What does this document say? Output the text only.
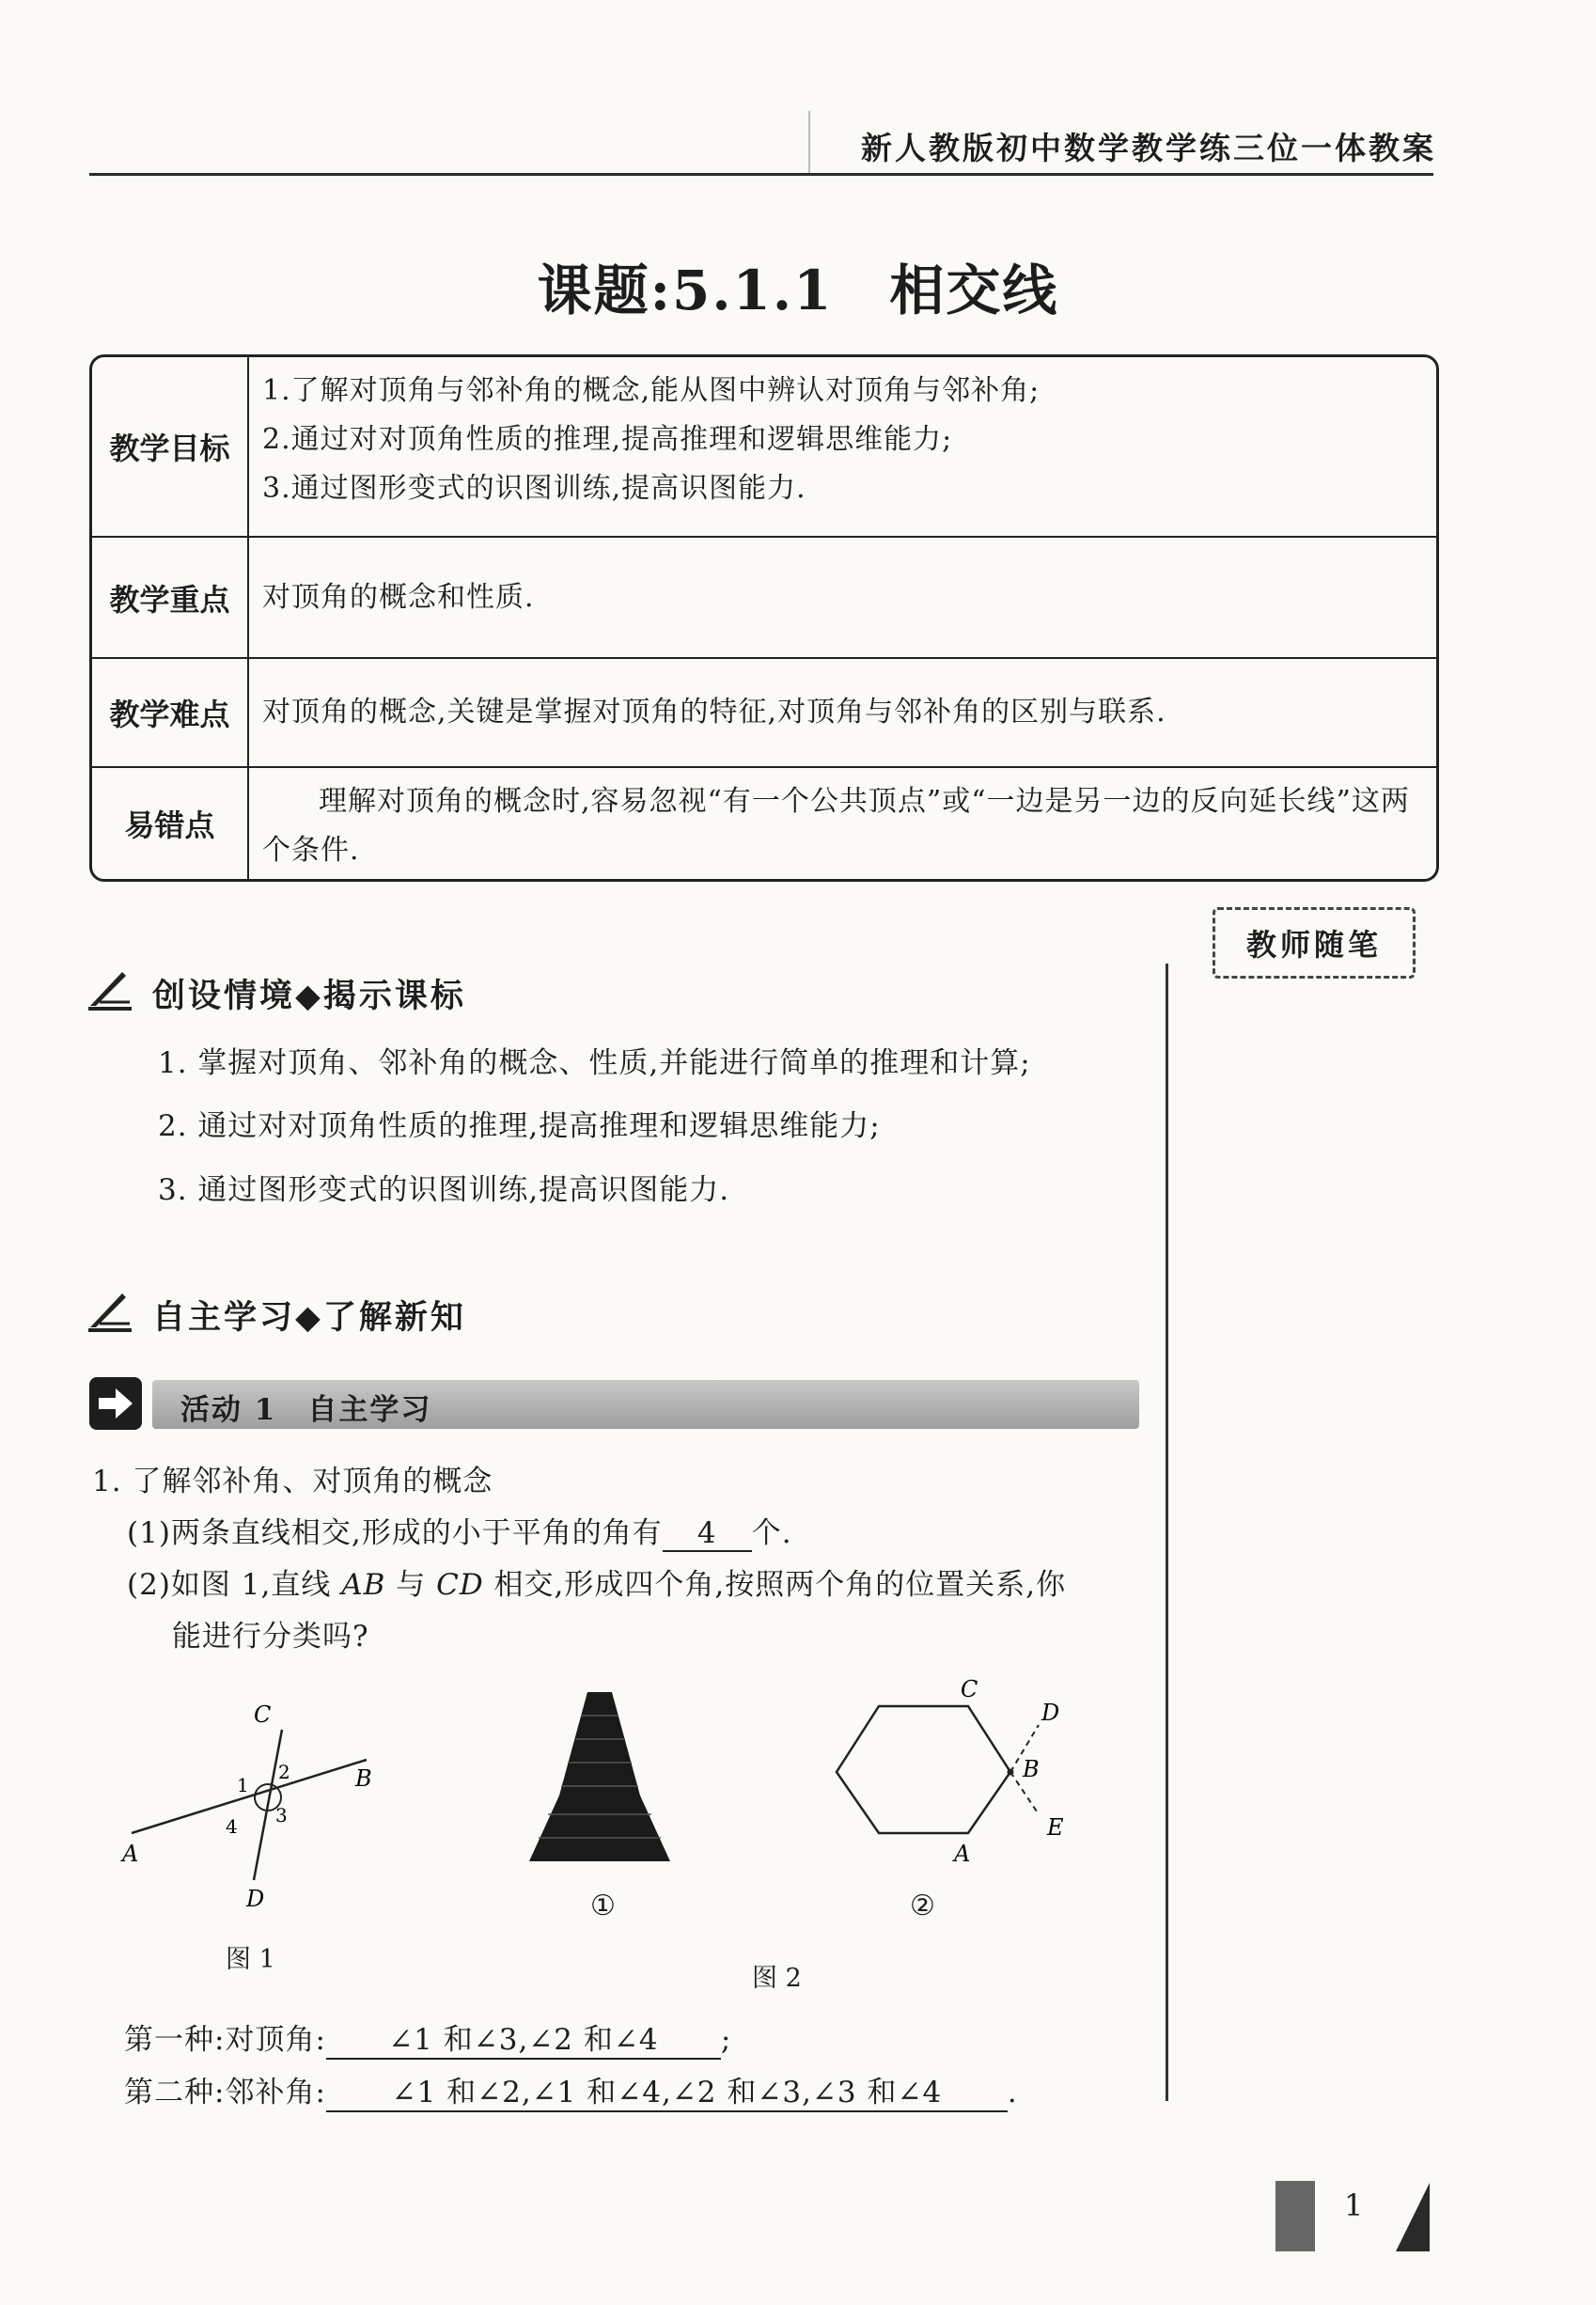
新人教版初中数学教学练三位一体教案
课题:5.1.1　相交线
教学目标
1.了解对顶角与邻补角的概念,能从图中辨认对顶角与邻补角;
2.通过对对顶角性质的推理,提高推理和逻辑思维能力;
3.通过图形变式的识图训练,提高识图能力.
教学重点	对顶角的概念和性质.
教学难点	对顶角的概念,关键是掌握对顶角的特征,对顶角与邻补角的区别与联系.
易错点
理解对顶角的概念时,容易忽视“有一个公共顶点”或“一边是另一边的反向延长线”这两个条件.
教师随笔
创设情境◆揭示课标
1. 掌握对顶角、邻补角的概念、性质,并能进行简单的推理和计算;
2. 通过对对顶角性质的推理,提高推理和逻辑思维能力;
3. 通过图形变式的识图训练,提高识图能力.
自主学习◆了解新知
活动 1　自主学习
1. 了解邻补角、对顶角的概念
(1)两条直线相交,形成的小于平角的角有 4 个.
(2)如图 1,直线 AB 与 CD 相交,形成四个角,按照两个角的位置关系,你
能进行分类吗?
C
B
A
D
1
2
3
4
图 1
①
C
D
B
E
A
②
图 2
第一种:对顶角: ∠1 和∠3,∠2 和∠4 ;
第二种:邻补角: ∠1 和∠2,∠1 和∠4,∠2 和∠3,∠3 和∠4 .
1
